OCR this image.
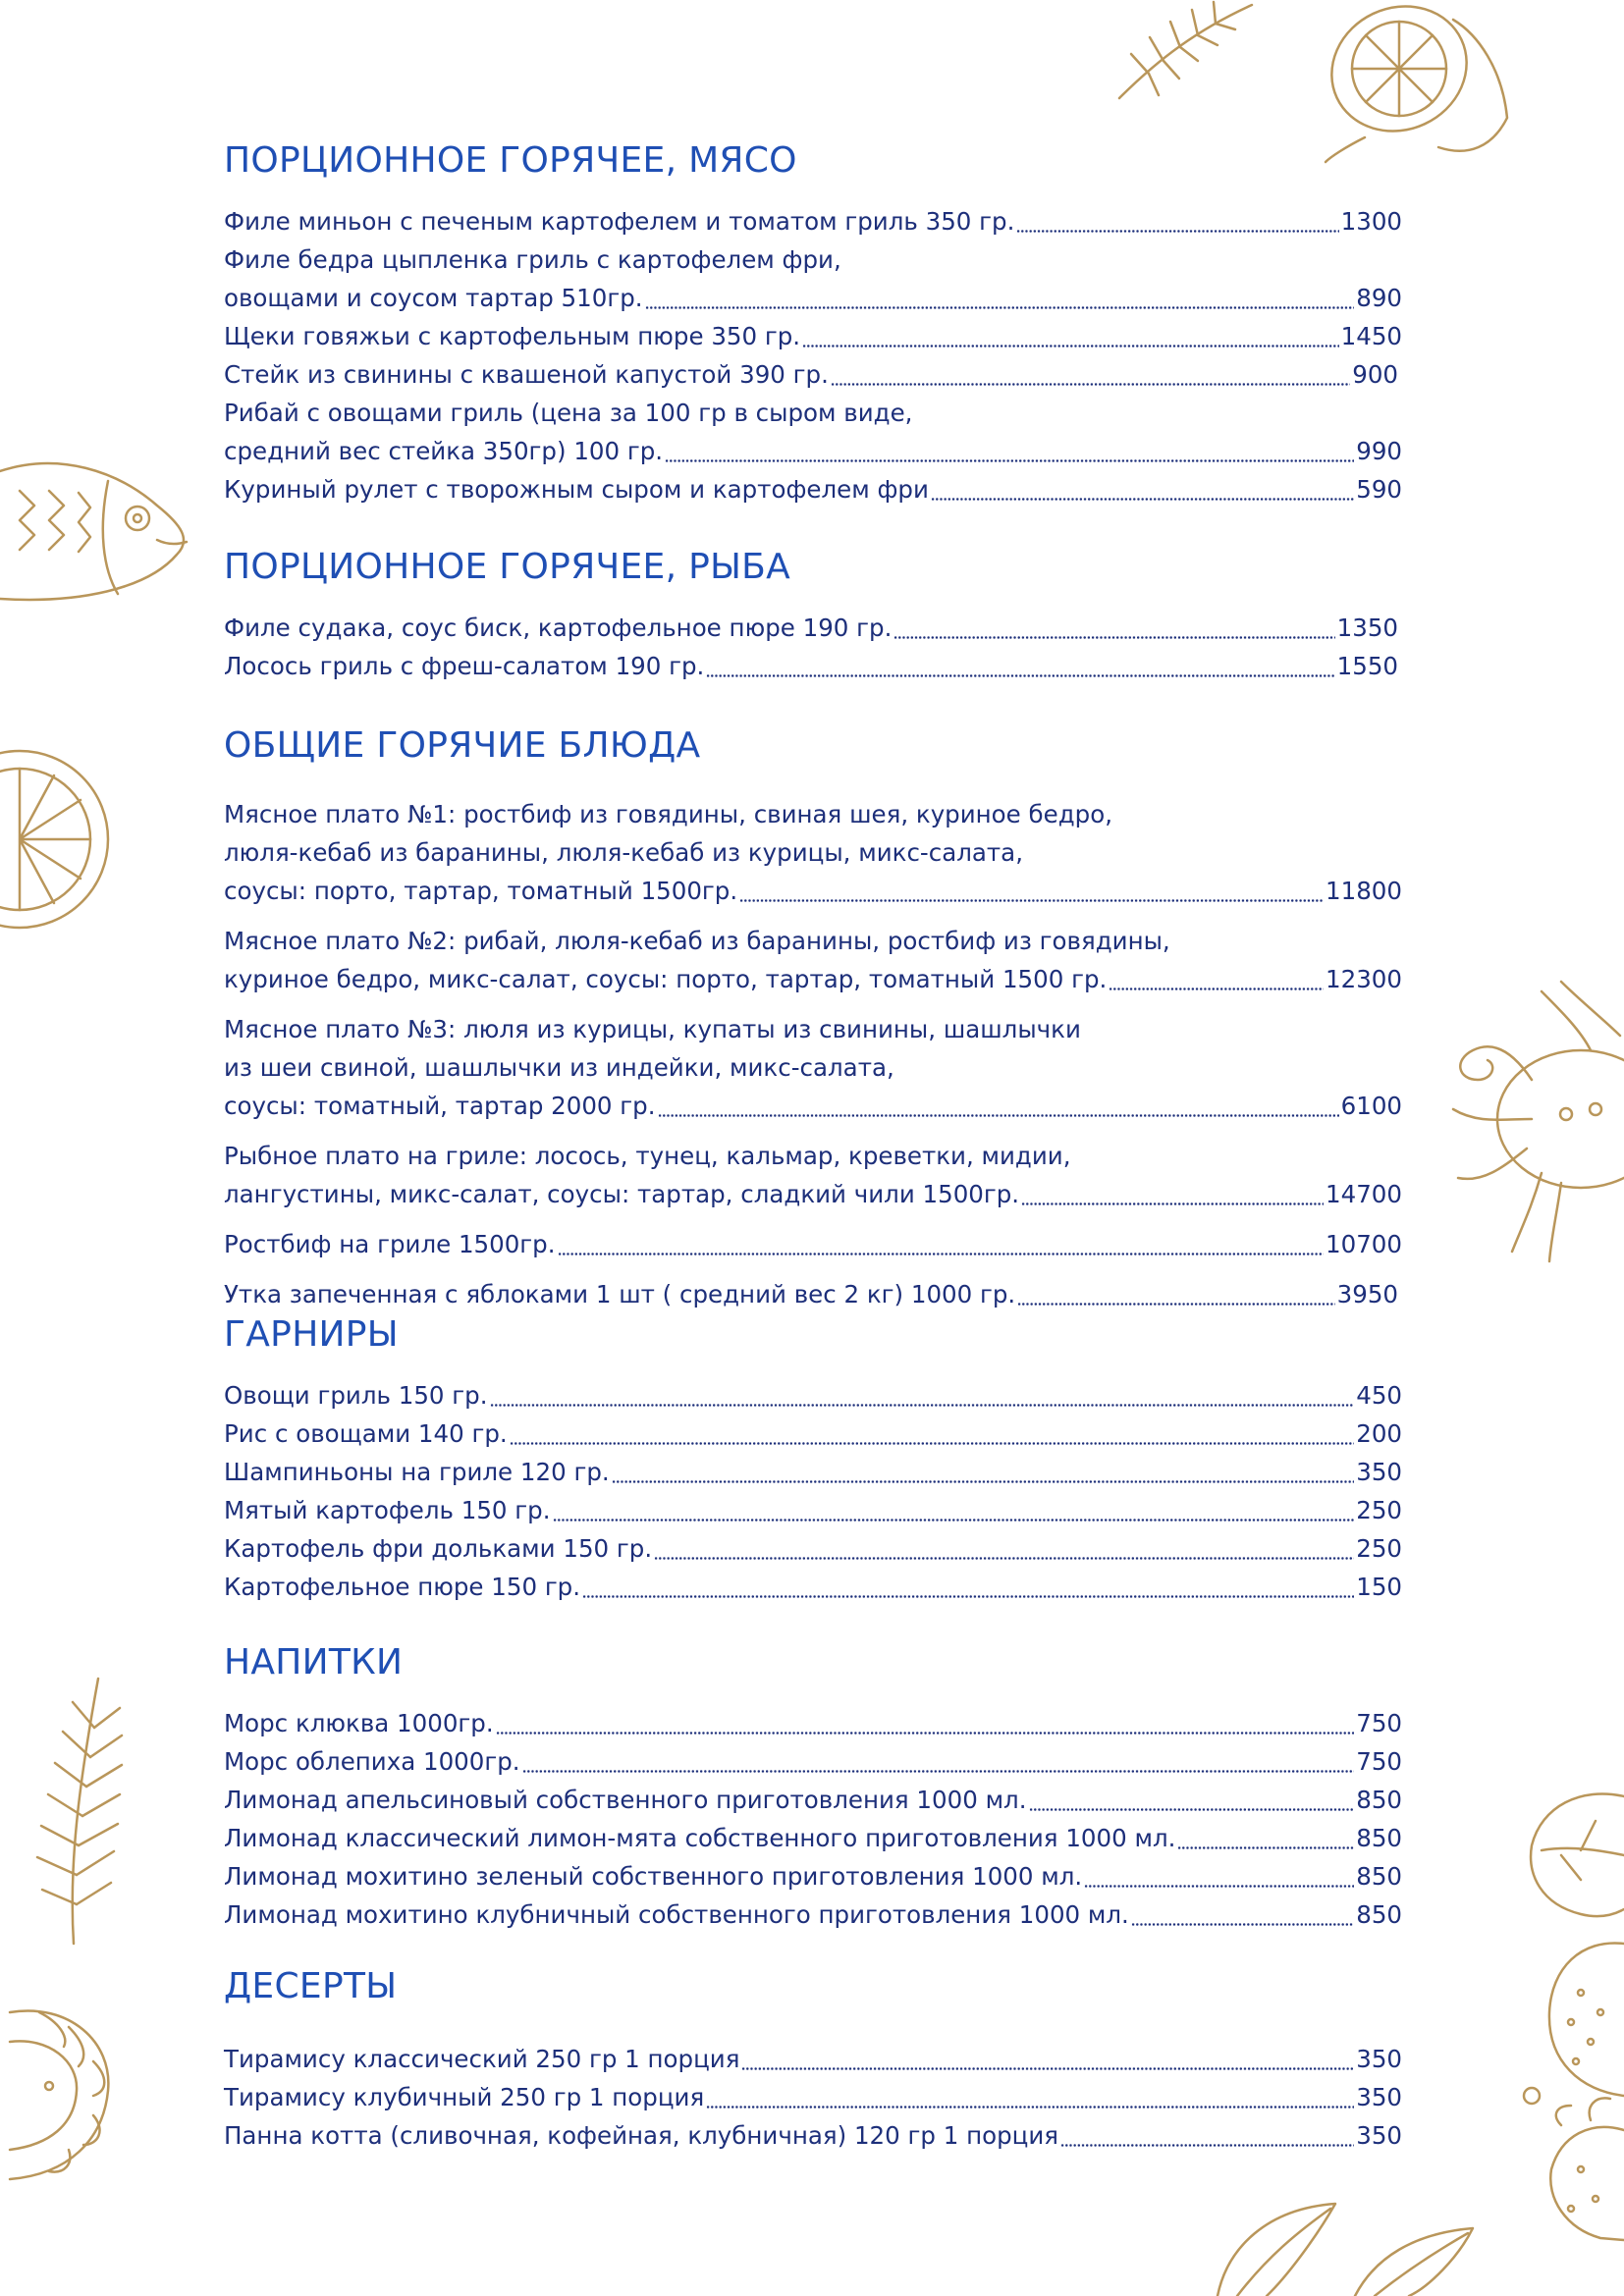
ПОРЦИОННОЕ ГОРЯЧЕЕ, МЯСО
Филе миньон с печеным картофелем и томатом гриль 350 гр.	1300
Филе бедра цыпленка гриль с картофелем фри,
овощами и соусом тартар 510гр.	890
Щеки говяжьи с картофельным пюре 350 гр.	1450
Стейк из свинины с квашеной капустой 390 гр.	900
Рибай с овощами гриль (цена за 100 гр в сыром виде,
средний вес стейка 350гр) 100 гр.	990
Куриный рулет с творожным сыром и картофелем фри	590
ПОРЦИОННОЕ ГОРЯЧЕЕ, РЫБА
Филе судака, соус биск, картофельное пюре 190 гр.	1350
Лосось гриль с фреш-салатом 190 гр.	1550
ОБЩИЕ ГОРЯЧИЕ БЛЮДА
Мясное плато №1: ростбиф из говядины, свиная шея, куриное бедро,
люля-кебаб из баранины, люля-кебаб из курицы, микс-салата,
соусы: порто, тартар, томатный 1500гр.	11800
Мясное плато №2: рибай, люля-кебаб из баранины, ростбиф из говядины,
куриное бедро, микс-салат, соусы: порто, тартар, томатный 1500 гр.	12300
Мясное плато №3: люля из курицы, купаты из свинины, шашлычки
из шеи свиной, шашлычки из индейки, микс-салата,
соусы: томатный, тартар 2000 гр.	6100
Рыбное плато на гриле: лосось, тунец, кальмар, креветки, мидии,
лангустины, микс-салат, соусы: тартар, сладкий чили 1500гр.	14700
Ростбиф на гриле 1500гр.	10700
Утка запеченная с яблоками 1 шт ( средний вес 2 кг) 1000 гр.	3950
ГАРНИРЫ
Овощи гриль 150 гр.	450
Рис с овощами 140 гр.	200
Шампиньоны на гриле 120 гр.	350
Мятый картофель 150 гр.	250
Картофель фри дольками 150 гр.	250
Картофельное пюре 150 гр.	150
НАПИТКИ
Морс клюква 1000гр.	750
Морс облепиха 1000гр.	750
Лимонад апельсиновый собственного приготовления 1000 мл.	850
Лимонад классический лимон-мята собственного приготовления 1000 мл.	850
Лимонад мохитино зеленый собственного приготовления 1000 мл.	850
Лимонад мохитино клубничный собственного приготовления 1000 мл.	850
ДЕСЕРТЫ
Тирамису классический 250 гр 1 порция	350
Тирамису клубичный 250 гр 1 порция	350
Панна котта (сливочная, кофейная, клубничная) 120 гр 1 порция	350
